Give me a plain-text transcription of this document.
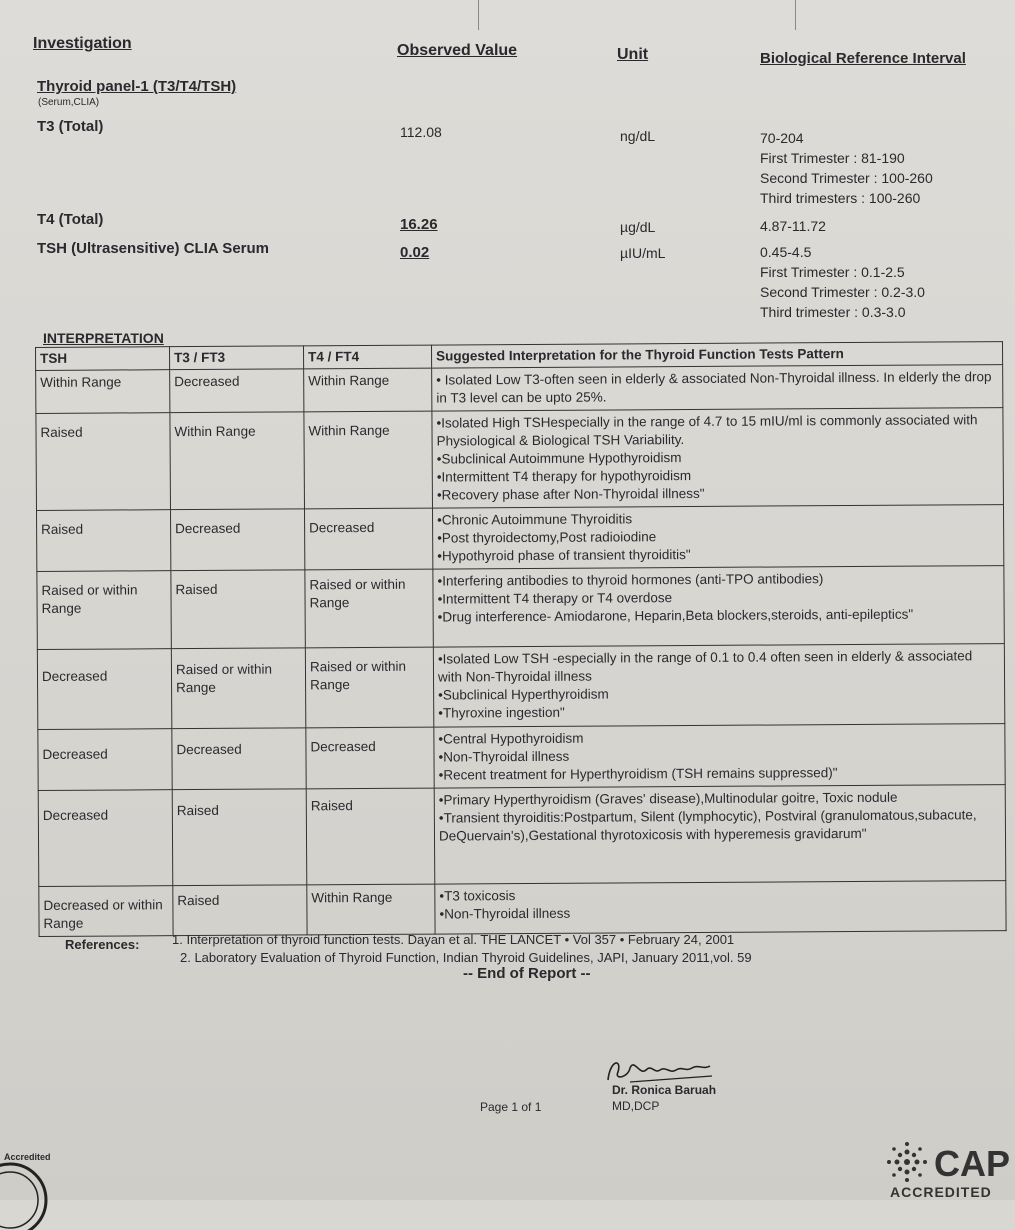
Investigation	Observed Value	Unit	Biological Reference Interval
Thyroid panel-1 (T3/T4/TSH)
(Serum,CLIA)
T3 (Total)	112.08	ng/dL	70-204
First Trimester : 81-190
Second Trimester : 100-260
Third trimesters : 100-260
T4 (Total)	16.26	µg/dL	4.87-11.72
TSH (Ultrasensitive) CLIA Serum	0.02	µIU/mL	0.45-4.5
First Trimester : 0.1-2.5
Second Trimester : 0.2-3.0
Third trimester : 0.3-3.0
INTERPRETATION
TSH	T3 / FT3	T4 / FT4	Suggested Interpretation for the Thyroid Function Tests Pattern
Within Range	Decreased	Within Range	• Isolated Low T3-often seen in elderly & associated Non-Thyroidal illness. In elderly the drop in T3 level can be upto 25%.

Raised	Within Range	Within Range	•Isolated High TSHespecially in the range of 4.7 to 15 mIU/ml is commonly associated with Physiological & Biological TSH Variability.
•Subclinical Autoimmune Hypothyroidism
•Intermittent T4 therapy for hypothyroidism
•Recovery phase after Non-Thyroidal illness"

Raised	Decreased	Decreased	•Chronic Autoimmune Thyroiditis
•Post thyroidectomy,Post radioiodine
•Hypothyroid phase of transient thyroiditis"

Raised or within Range	Raised	Raised or within Range	•Interfering antibodies to thyroid hormones (anti-TPO antibodies)
•Intermittent T4 therapy or T4 overdose
•Drug interference- Amiodarone, Heparin,Beta blockers,steroids, anti-epileptics"

Decreased	Raised or within Range	Raised or within Range	•Isolated Low TSH -especially in the range of 0.1 to 0.4 often seen in elderly & associated with Non-Thyroidal illness
•Subclinical Hyperthyroidism
•Thyroxine ingestion"

Decreased	Decreased	Decreased	•Central Hypothyroidism
•Non-Thyroidal illness
•Recent treatment for Hyperthyroidism (TSH remains suppressed)"

Decreased	Raised	Raised	•Primary Hyperthyroidism (Graves' disease),Multinodular goitre, Toxic nodule
•Transient thyroiditis:Postpartum, Silent (lymphocytic), Postviral (granulomatous,subacute, DeQuervain's),Gestational thyrotoxicosis with hyperemesis gravidarum"

Decreased or within Range	Raised	Within Range	•T3 toxicosis
•Non-Thyroidal illness
References:	1. Interpretation of thyroid function tests. Dayan et al. THE LANCET • Vol 357 • February 24, 2001
2. Laboratory Evaluation of Thyroid Function, Indian Thyroid Guidelines, JAPI, January 2011,vol. 59
-- End of Report --
Dr. Ronica Baruah
MD,DCP
Page 1 of 1
Accredited	CAP
ACCREDITED
